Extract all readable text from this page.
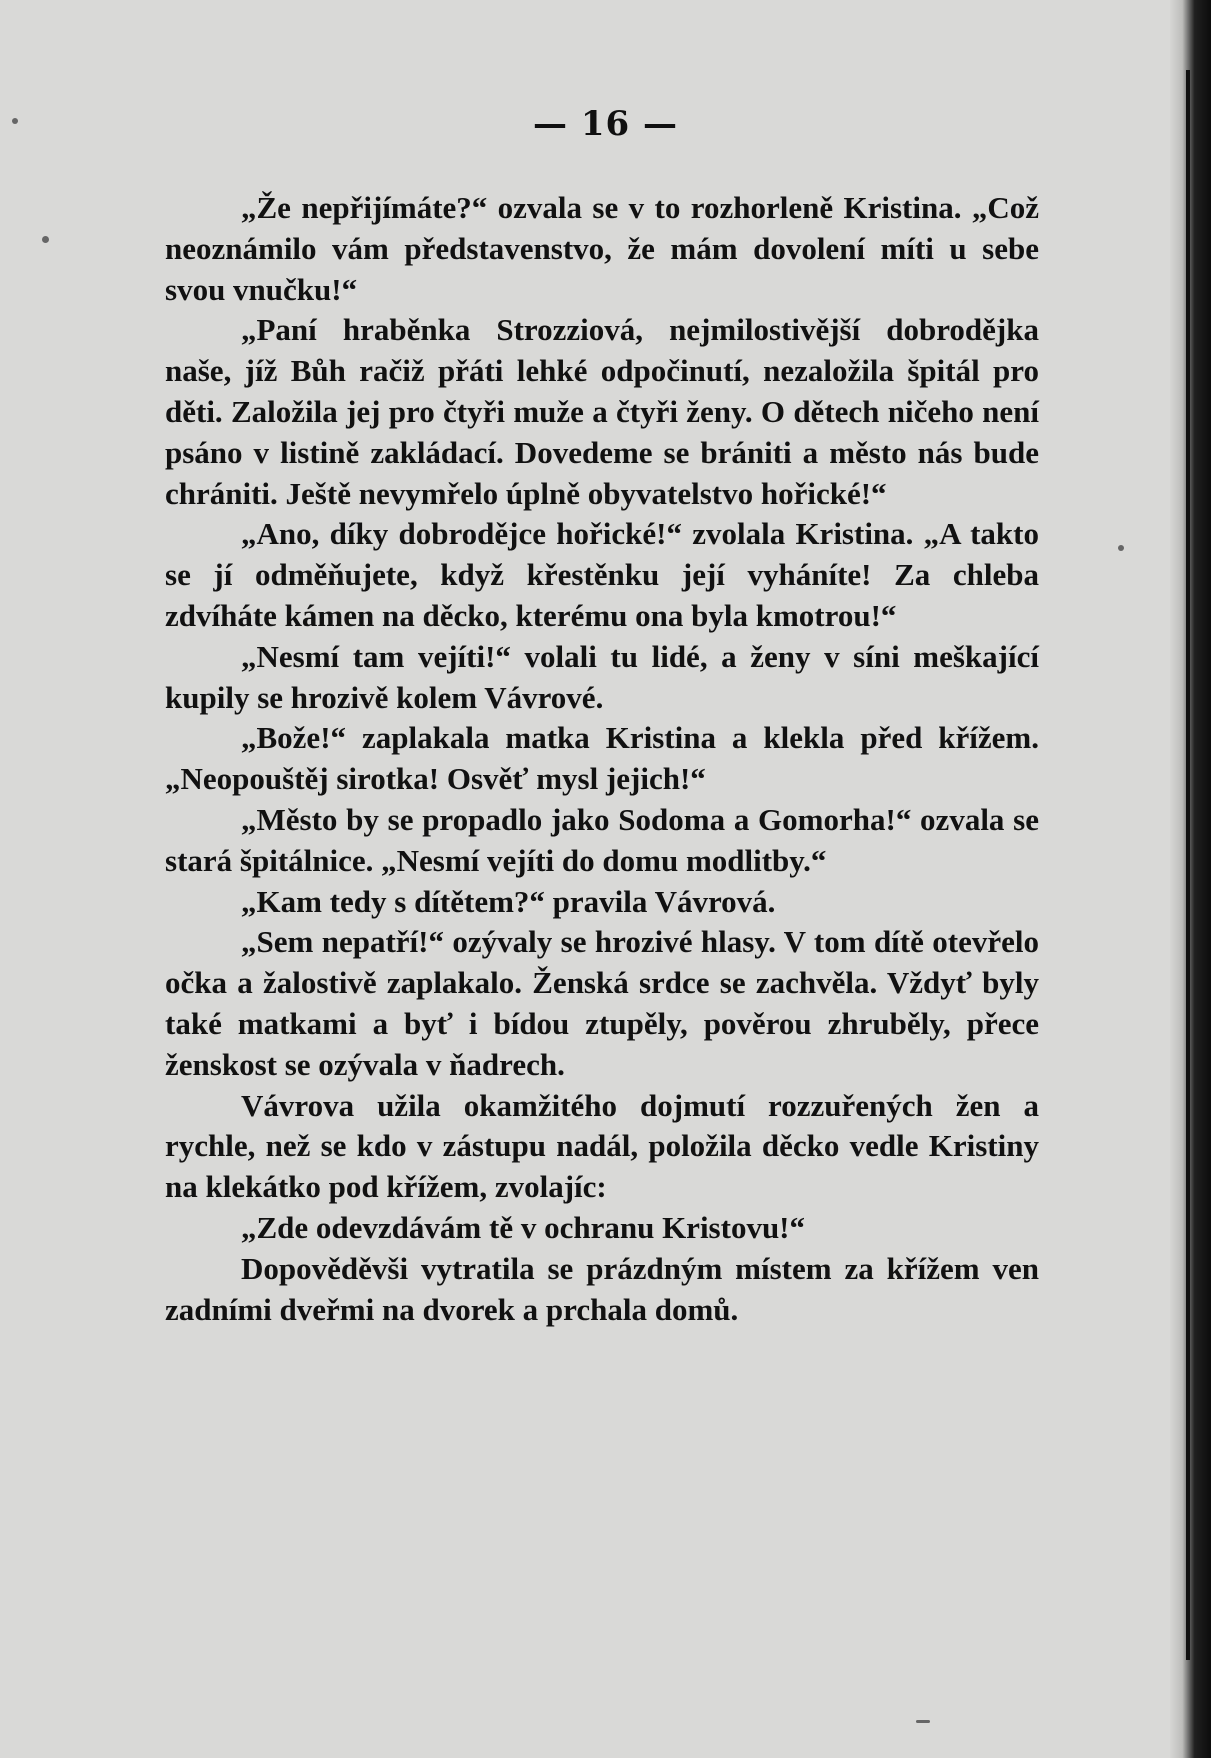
— 16 —

„Že nepřijímáte?“ ozvala se v to rozhorleně Kristina. „Což neoznámilo vám představenstvo, že mám dovolení míti u sebe svou vnučku!“

„Paní hraběnka Strozziová, nejmilostivější dobrodějka naše, jíž Bůh račiž přáti lehké odpočinutí, nezaložila špitál pro děti. Založila jej pro čtyři muže a čtyři ženy. O dětech ničeho není psáno v listině zakládací. Dovedeme se brániti a město nás bude chrániti. Ještě nevymřelo úplně obyvatelstvo hořické!“

„Ano, díky dobrodějce hořické!“ zvolala Kristina. „A takto se jí odměňujete, když křestěnku její vyháníte! Za chleba zdvíháte kámen na děcko, kterému ona byla kmotrou!“

„Nesmí tam vejíti!“ volali tu lidé, a ženy v síni meškající kupily se hrozivě kolem Vávrové.

„Bože!“ zaplakala matka Kristina a klekla před křížem. „Neopouštěj sirotka! Osvěť mysl jejich!“

„Město by se propadlo jako Sodoma a Gomorha!“ ozvala se stará špitálnice. „Nesmí vejíti do domu modlitby.“

„Kam tedy s dítětem?“ pravila Vávrová.

„Sem nepatří!“ ozývaly se hrozivé hlasy. V tom dítě otevřelo očka a žalostivě zaplakalo. Ženská srdce se zachvěla. Vždyť byly také matkami a byť i bídou ztupěly, pověrou zhruběly, přece ženskost se ozývala v ňadrech.

Vávrova užila okamžitého dojmutí rozzuřených žen a rychle, než se kdo v zástupu nadál, položila děcko vedle Kristiny na klekátko pod křížem, zvolajíc:

„Zde odevzdávám tě v ochranu Kristovu!“

Dopověděvši vytratila se prázdným místem za křížem ven zadními dveřmi na dvorek a prchala domů.
